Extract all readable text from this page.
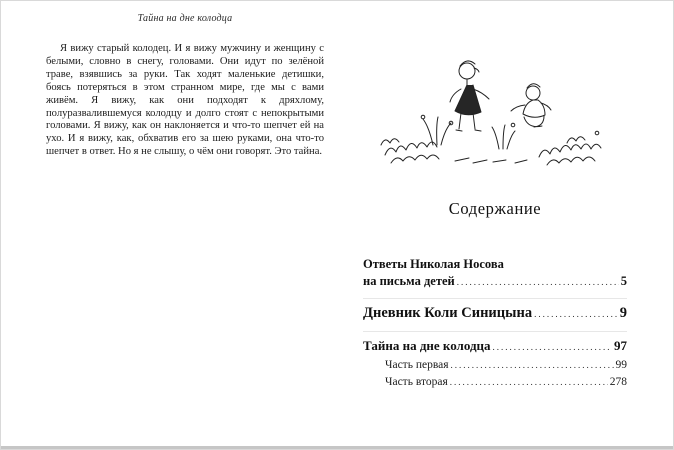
Тайна на дне колодца

Я вижу старый колодец. И я вижу мужчину и женщину с белыми, словно в снегу, головами. Они идут по зелёной траве, взявшись за руки. Так ходят маленькие детишки, боясь потеряться в этом странном мире, где мы с вами живём. Я вижу, как они подходят к дряхлому, полуразвалившемуся колодцу и долго стоят с непокрытыми головами. Я вижу, как он наклоняется и что-то шепчет ей на ухо. И я вижу, как, обхватив его за шею руками, она что-то шепчет в ответ. Но я не слышу, о чём они говорят. Это тайна.

Содержание
Ответы Николая Носова
на письма детей .....	5
Дневник Коли Синицына .....	9
Тайна на дне колодца .....	97
Часть первая .....	99
Часть вторая .....	278
